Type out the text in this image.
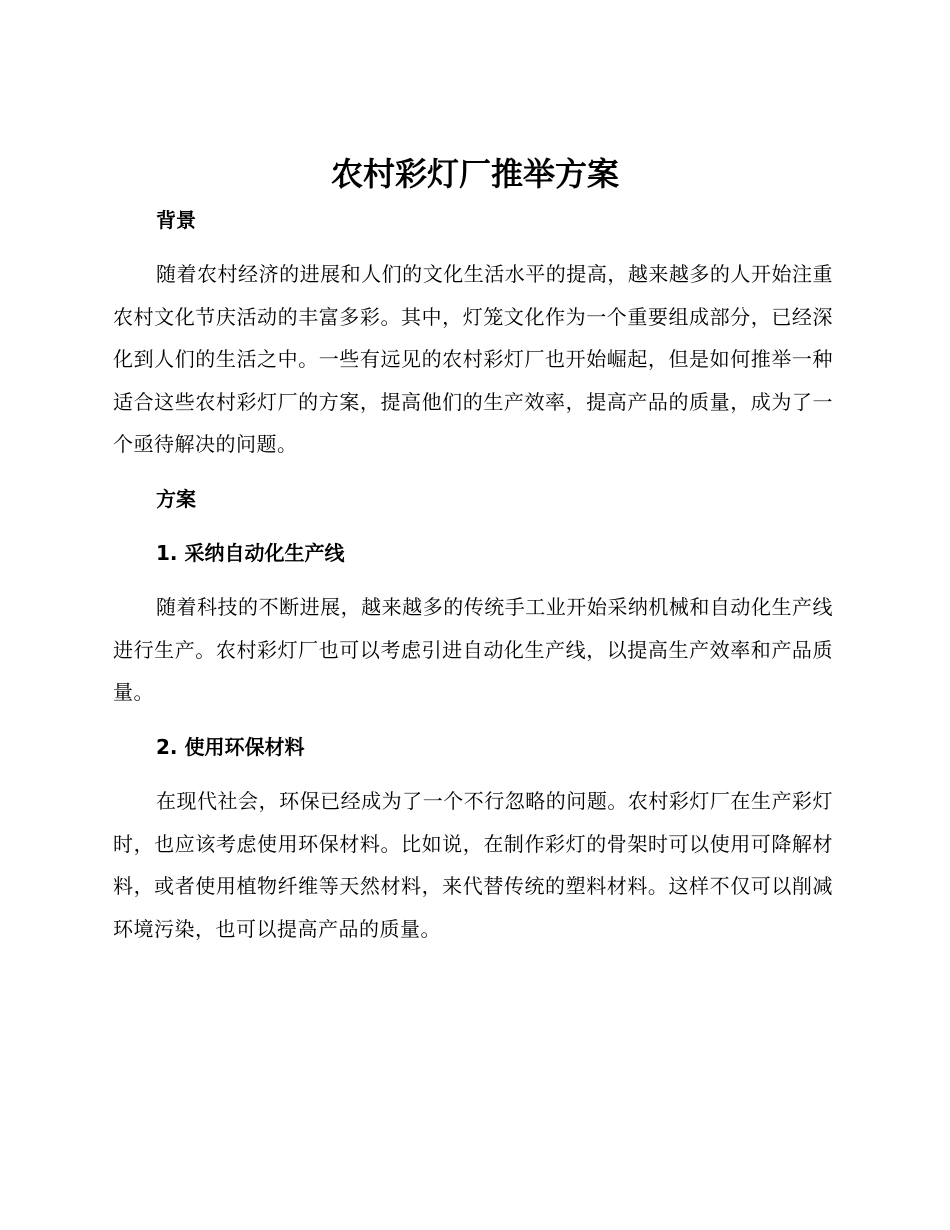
农村彩灯厂推举方案
背景

随着农村经济的进展和人们的文化生活水平的提高，越来越多的人开始注重农村文化节庆活动的丰富多彩。其中，灯笼文化作为一个重要组成部分，已经深化到人们的生活之中。一些有远见的农村彩灯厂也开始崛起，但是如何推举一种适合这些农村彩灯厂的方案，提高他们的生产效率，提高产品的质量，成为了一个亟待解决的问题。

方案
1. 采纳自动化生产线

随着科技的不断进展，越来越多的传统手工业开始采纳机械和自动化生产线进行生产。农村彩灯厂也可以考虑引进自动化生产线，以提高生产效率和产品质量。

2. 使用环保材料

在现代社会，环保已经成为了一个不行忽略的问题。农村彩灯厂在生产彩灯时，也应该考虑使用环保材料。比如说，在制作彩灯的骨架时可以使用可降解材料，或者使用植物纤维等天然材料，来代替传统的塑料材料。这样不仅可以削减环境污染，也可以提高产品的质量。
